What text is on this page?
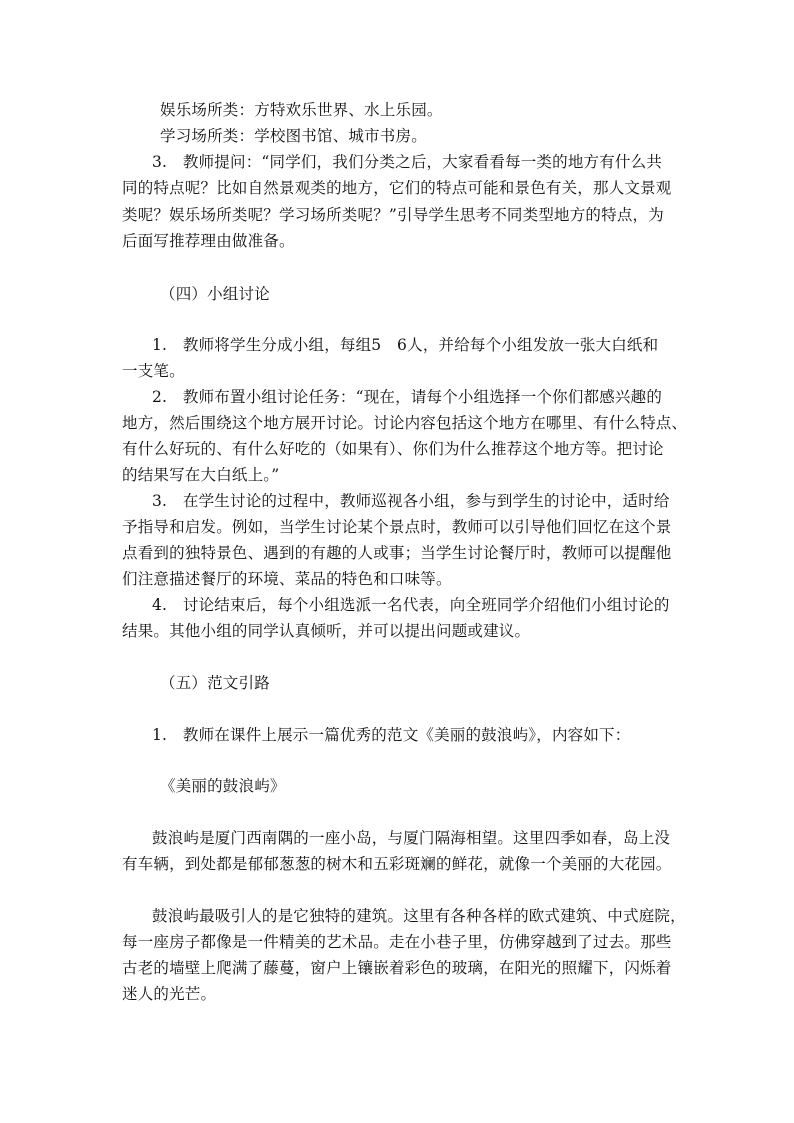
娱乐场所类：方特欢乐世界、水上乐园。
学习场所类：学校图书馆、城市书房。
3.　教师提问：“同学们，我们分类之后，大家看看每一类的地方有什么共
同的特点呢？比如自然景观类的地方，它们的特点可能和景色有关，那人文景观
类呢？娱乐场所类呢？学习场所类呢？”引导学生思考不同类型地方的特点，为
后面写推荐理由做准备。
（四）小组讨论
1.　教师将学生分成小组，每组5　6人，并给每个小组发放一张大白纸和
一支笔。
2.　教师布置小组讨论任务：“现在，请每个小组选择一个你们都感兴趣的
地方，然后围绕这个地方展开讨论。讨论内容包括这个地方在哪里、有什么特点、
有什么好玩的、有什么好吃的（如果有）、你们为什么推荐这个地方等。把讨论
的结果写在大白纸上。”
3.　在学生讨论的过程中，教师巡视各小组，参与到学生的讨论中，适时给
予指导和启发。例如，当学生讨论某个景点时，教师可以引导他们回忆在这个景
点看到的独特景色、遇到的有趣的人或事；当学生讨论餐厅时，教师可以提醒他
们注意描述餐厅的环境、菜品的特色和口味等。
4.　讨论结束后，每个小组选派一名代表，向全班同学介绍他们小组讨论的
结果。其他小组的同学认真倾听，并可以提出问题或建议。
（五）范文引路
1.　教师在课件上展示一篇优秀的范文《美丽的鼓浪屿》，内容如下：
《美丽的鼓浪屿》
鼓浪屿是厦门西南隅的一座小岛，与厦门隔海相望。这里四季如春，岛上没
有车辆，到处都是郁郁葱葱的树木和五彩斑斓的鲜花，就像一个美丽的大花园。
鼓浪屿最吸引人的是它独特的建筑。这里有各种各样的欧式建筑、中式庭院，
每一座房子都像是一件精美的艺术品。走在小巷子里，仿佛穿越到了过去。那些
古老的墙壁上爬满了藤蔓，窗户上镶嵌着彩色的玻璃，在阳光的照耀下，闪烁着
迷人的光芒。
